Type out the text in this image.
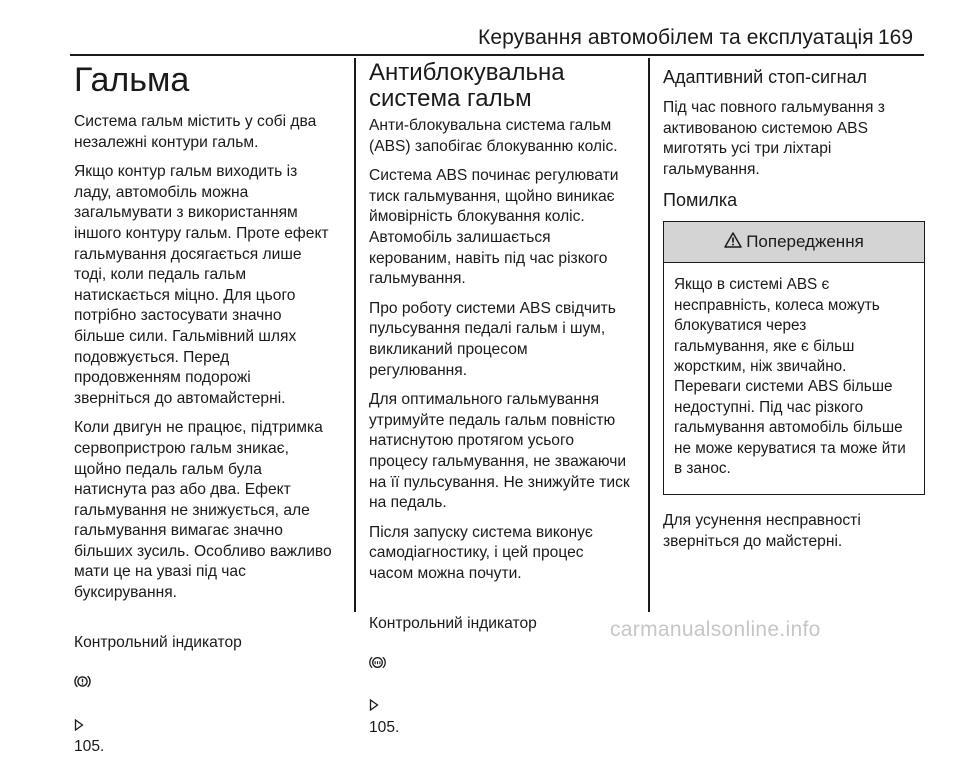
Керування автомобілем та експлуатація 169
Гальма

Система гальм містить у собі два
незалежні контури гальм.

Якщо контур гальм виходить із
ладу, автомобіль можна
загальмувати з використанням
іншого контуру гальм. Проте ефект
гальмування досягається лише
тоді, коли педаль гальм
натискається міцно. Для цього
потрібно застосувати значно
більше сили. Гальмівний шлях
подовжується. Перед
продовженням подорожі
зверніться до автомайстерні.

Коли двигун не працює, підтримка
сервопристрою гальм зникає,
щойно педаль гальм була
натиснута раз або два. Ефект
гальмування не знижується, але
гальмування вимагає значно
більших зусиль. Особливо важливо
мати це на увазі під час
буксирування.

Контрольний індикатор

105.

Антиблокувальна система гальм

Анти-блокувальна система гальм
(ABS) запобігає блокуванню коліс.

Система ABS починає регулювати
тиск гальмування, щойно виникає
ймовірність блокування коліс.
Автомобіль залишається
керованим, навіть під час різкого
гальмування.

Про роботу системи ABS свідчить
пульсування педалі гальм і шум,
викликаний процесом
регулювання.

Для оптимального гальмування
утримуйте педаль гальм повністю
натиснутою протягом усього
процесу гальмування, не зважаючи
на її пульсування. Не знижуйте тиск
на педаль.

Після запуску система виконує
самодіагностику, і цей процес
часом можна почути.

Контрольний індикатор

105.

Адаптивний стоп-сигнал

Під час повного гальмування з
активованою системою ABS
миготять усі три ліхтарі
гальмування.

Помилка
Попередження

Якщо в системі ABS є
несправність, колеса можуть
блокуватися через
гальмування, яке є більш
жорстким, ніж звичайно.
Переваги системи ABS більше
недоступні. Під час різкого
гальмування автомобіль більше
не може керуватися та може йти
в занос.

Для усунення несправності
зверніться до майстерні.

carmanualsonline.info
